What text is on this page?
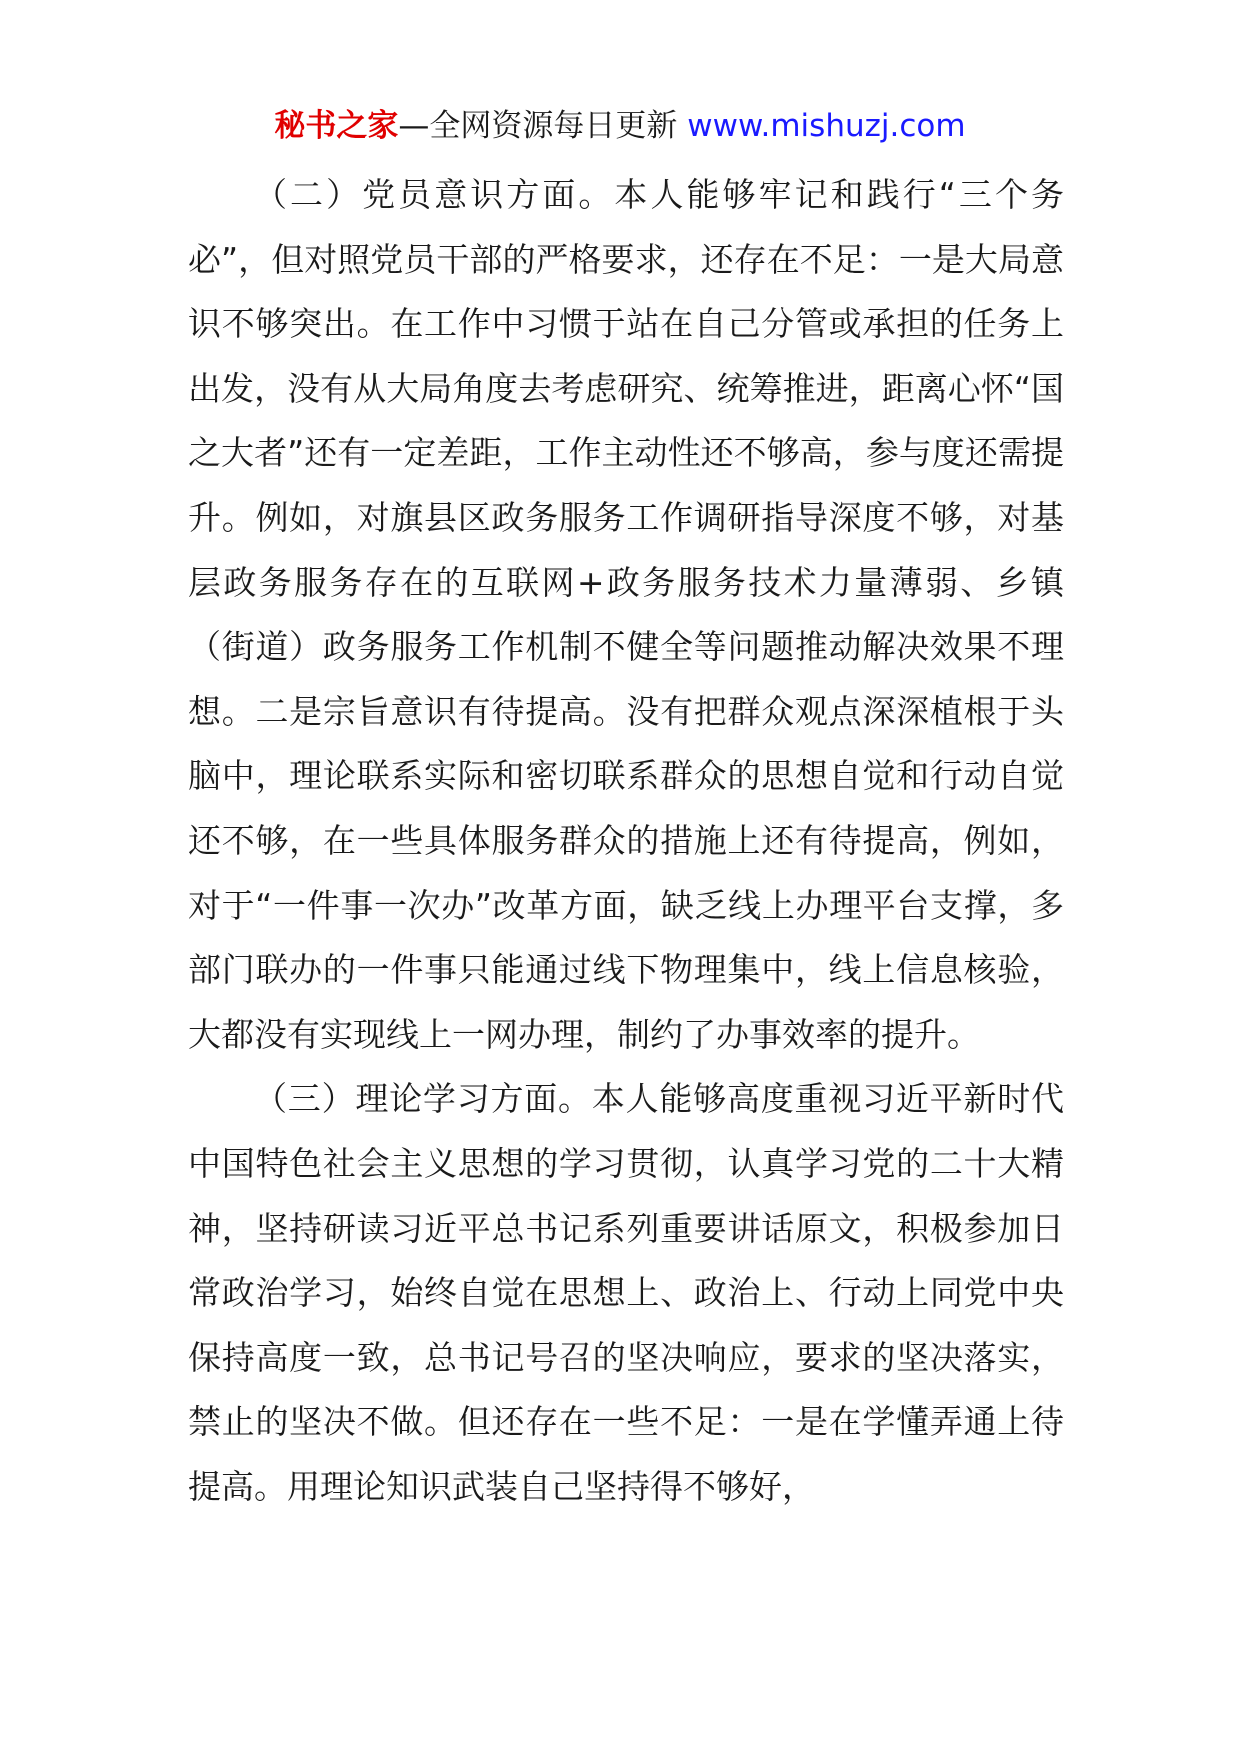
秘书之家—全网资源每日更新 www.mishuzj.com

（二）党员意识方面。本人能够牢记和践行“三个务必”，但对照党员干部的严格要求，还存在不足：一是大局意识不够突出。在工作中习惯于站在自己分管或承担的任务上出发，没有从大局角度去考虑研究、统筹推进，距离心怀“国之大者”还有一定差距，工作主动性还不够高，参与度还需提升。例如，对旗县区政务服务工作调研指导深度不够，对基层政务服务存在的互联网+政务服务技术力量薄弱、乡镇（街道）政务服务工作机制不健全等问题推动解决效果不理想。二是宗旨意识有待提高。没有把群众观点深深植根于头脑中，理论联系实际和密切联系群众的思想自觉和行动自觉还不够，在一些具体服务群众的措施上还有待提高，例如，对于“一件事一次办”改革方面，缺乏线上办理平台支撑，多部门联办的一件事只能通过线下物理集中，线上信息核验，大都没有实现线上一网办理，制约了办事效率的提升。

（三）理论学习方面。本人能够高度重视习近平新时代中国特色社会主义思想的学习贯彻，认真学习党的二十大精神，坚持研读习近平总书记系列重要讲话原文，积极参加日常政治学习，始终自觉在思想上、政治上、行动上同党中央保持高度一致，总书记号召的坚决响应，要求的坚决落实，禁止的坚决不做。但还存在一些不足：一是在学懂弄通上待提高。用理论知识武装自己坚持得不够好，
